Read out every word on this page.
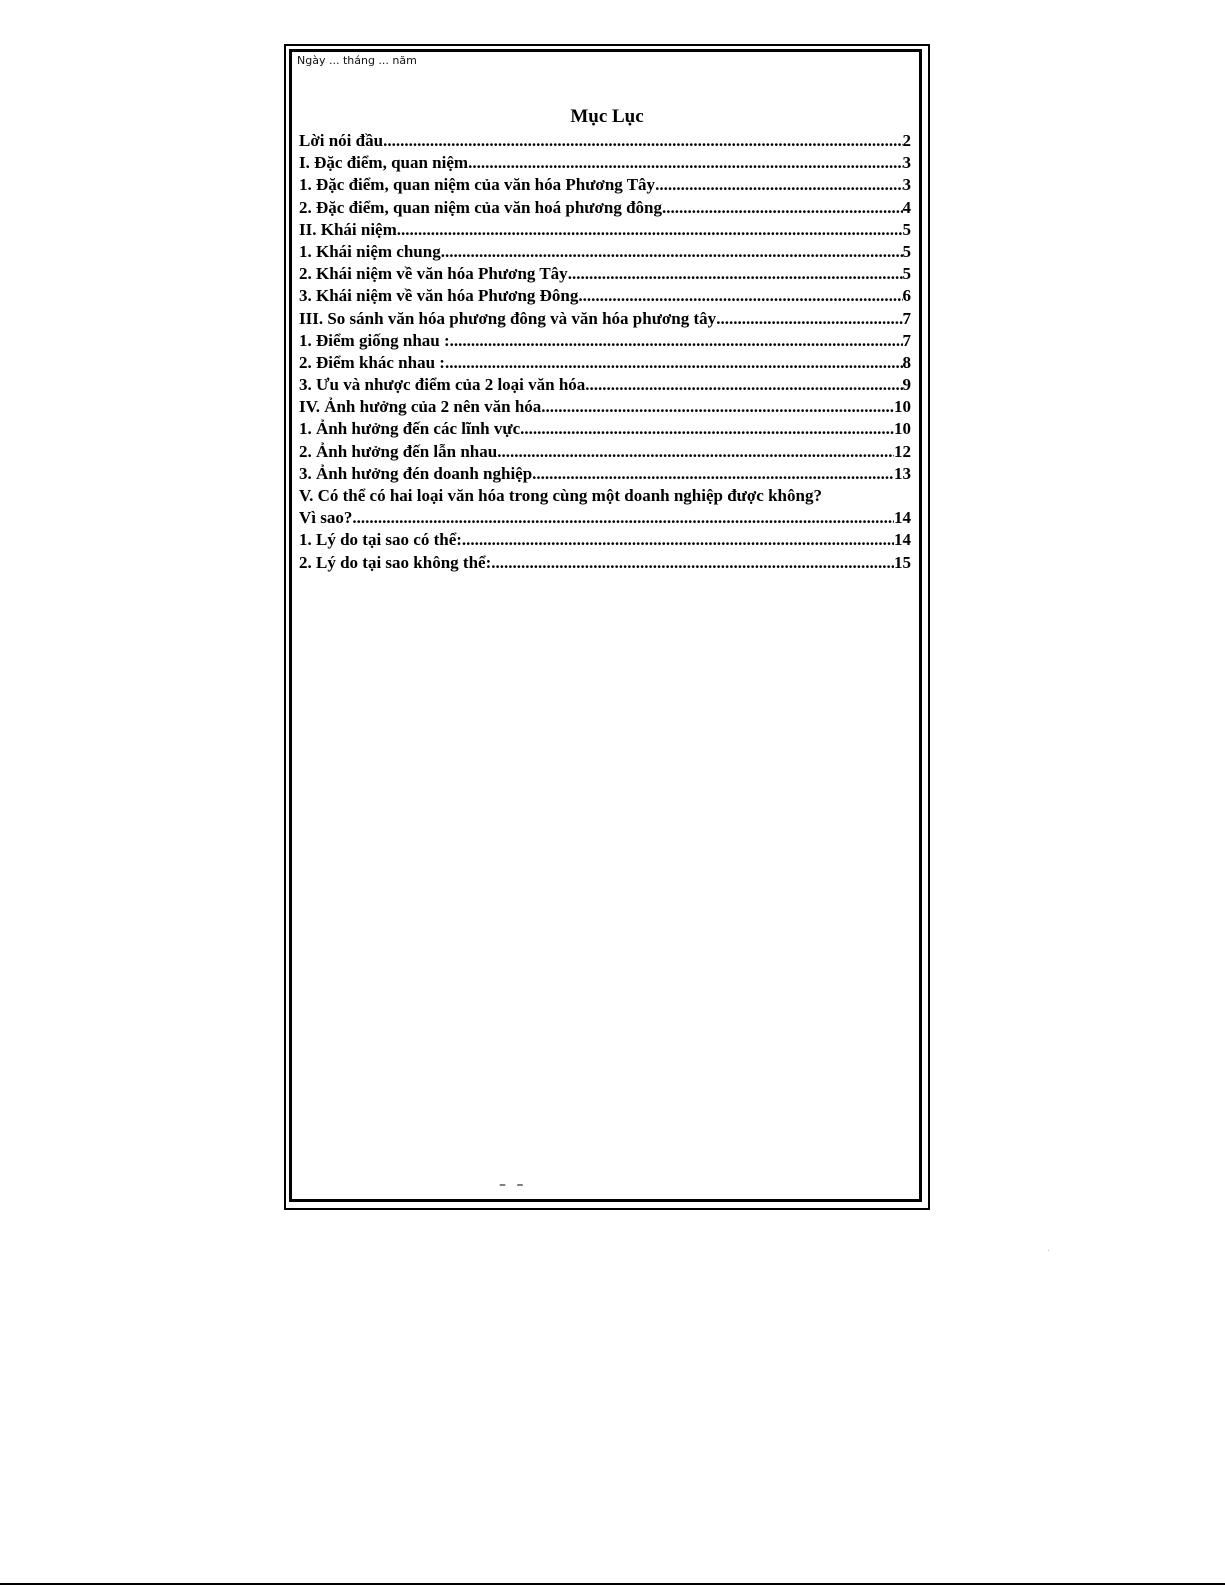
Ngày ... tháng ... năm
Mục Lục
Lời nói đầu .....	2
I. Đặc điểm, quan niệm .....	3
1. Đặc điểm, quan niệm của văn hóa Phương Tây .....	3
2. Đặc điểm, quan niệm của văn hoá phương đông .....	4
II. Khái niệm .....	5
1. Khái niệm chung .....	5
2. Khái niệm về văn hóa Phương Tây .....	5
3. Khái niệm về văn hóa Phương Đông .....	6
III. So sánh văn hóa phương đông và văn hóa phương tây .....	7
1. Điểm giống nhau : .....	7
2. Điểm khác nhau : .....	8
3. Ưu và nhược điểm của 2 loại văn hóa .....	9
IV. Ảnh hưởng của 2 nên văn hóa .....	10
1. Ảnh hưởng đến các lĩnh vực .....	10
2. Ảnh hưởng đến lẫn nhau .....	12
3. Ảnh hưởng đén doanh nghiệp .....	13
V. Có thể có hai loại văn hóa trong cùng một doanh nghiệp được không?
Vì sao? .....	14
1. Lý do tại sao có thể: .....	14
2. Lý do tại sao không thể: .....	15
– –
